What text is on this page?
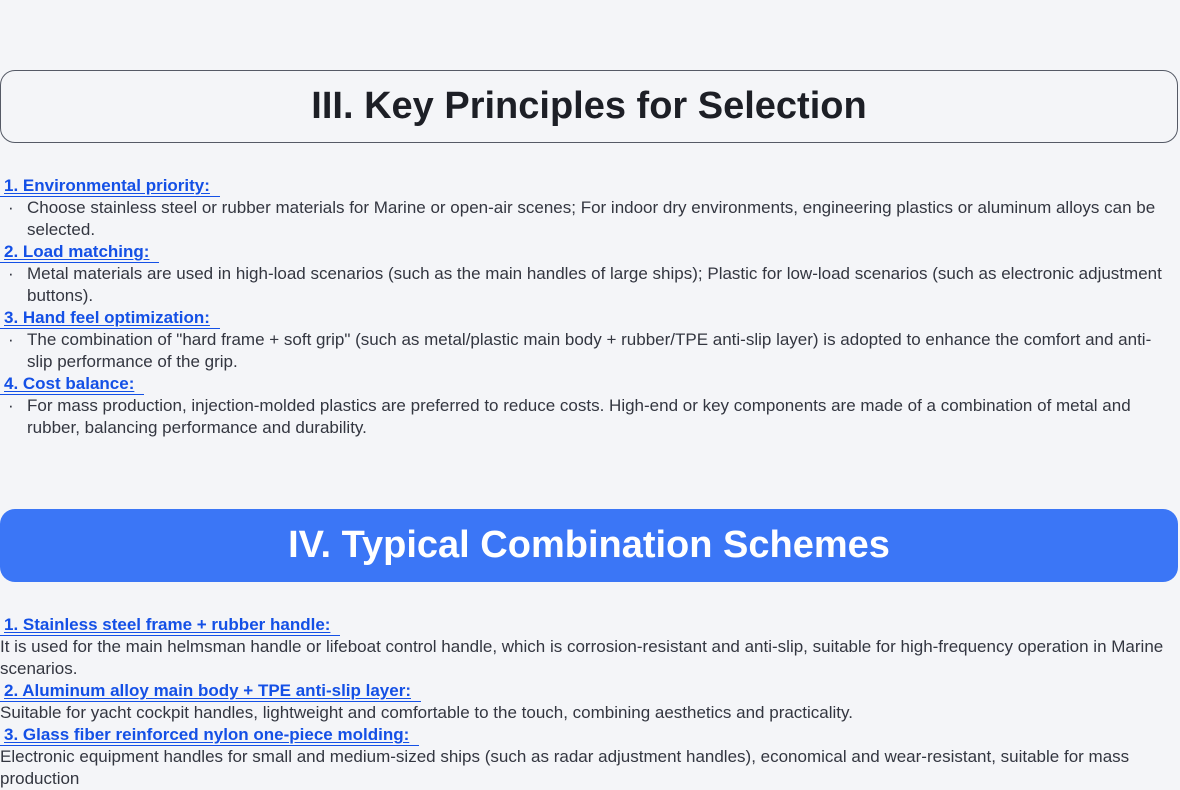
III. Key Principles for Selection
1. Environmental priority:
· Choose stainless steel or rubber materials for Marine or open-air scenes; For indoor dry environments, engineering plastics or aluminum alloys can be selected.
2. Load matching:
· Metal materials are used in high-load scenarios (such as the main handles of large ships); Plastic for low-load scenarios (such as electronic adjustment buttons).
3. Hand feel optimization:
· The combination of "hard frame + soft grip" (such as metal/plastic main body + rubber/TPE anti-slip layer) is adopted to enhance the comfort and anti-slip performance of the grip.
4. Cost balance:
· For mass production, injection-molded plastics are preferred to reduce costs. High-end or key components are made of a combination of metal and rubber, balancing performance and durability.
IV. Typical Combination Schemes
1. Stainless steel frame + rubber handle:
It is used for the main helmsman handle or lifeboat control handle, which is corrosion-resistant and anti-slip, suitable for high-frequency operation in Marine scenarios.
2. Aluminum alloy main body + TPE anti-slip layer:
Suitable for yacht cockpit handles, lightweight and comfortable to the touch, combining aesthetics and practicality.
3. Glass fiber reinforced nylon one-piece molding:
Electronic equipment handles for small and medium-sized ships (such as radar adjustment handles), economical and wear-resistant, suitable for mass production
